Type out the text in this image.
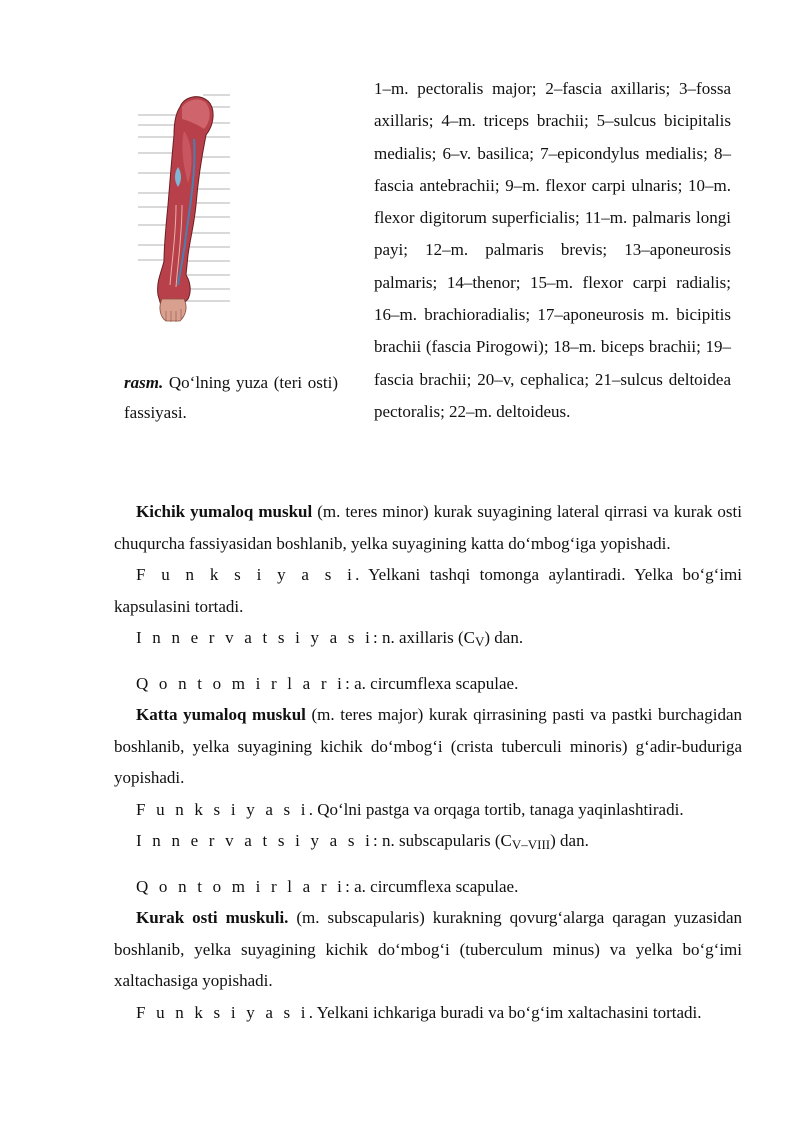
rasm. Qo‘lning yuza (teri osti) fassiyasi.
1–m. pectoralis major; 2–fascia axillaris; 3–fossa axillaris; 4–m. triceps brachii; 5–sulcus bicipitalis medialis; 6–v. basilica; 7–epicondylus medialis; 8– fascia antebrachii; 9–m. flexor carpi ulnaris; 10–m. flexor digitorum superficialis; 11–m. palmaris longi payi; 12–m. palmaris brevis; 13–aponeurosis palmaris; 14–thenor; 15–m. flexor carpi radialis; 16–m. brachioradialis; 17–aponeurosis m. bicipitis brachii (fascia Pirogowi); 18–m. biceps brachii; 19–fascia brachii; 20–v, cephalica; 21–sulcus deltoidea pectoralis; 22–m. deltoideus.

Kichik yumaloq muskul (m. teres minor) kurak suyagining lateral qirrasi va kurak osti chuqurcha fassiyasidan boshlanib, yelka suyagining katta do‘mbog‘iga yopishadi.

F u n k s i y a s i. Yelkani tashqi tomonga aylantiradi. Yelka bo‘g‘imi kapsulasini tortadi.

I n n e r v a t s i y a s i: n. axillaris $(C_V)$ dan.

Q o n t o m i r l a r i: a. circumflexa scapulae.

Katta yumaloq muskul (m. teres major) kurak qirrasining pasti va pastki burchagidan boshlanib, yelka suyagining kichik do‘mbog‘i (crista tuberculi minoris) g‘adir-buduriga yopishadi.

F u n k s i y a s i. Qo‘lni pastga va orqaga tortib, tanaga yaqinlashtiradi.

I n n e r v a t s i y a s i: n. subscapularis $(C_{V-VIII})$ dan.

Q o n t o m i r l a r i: a. circumflexa scapulae.

Kurak osti muskuli. (m. subscapularis) kurakning qovurg‘alarga qaragan yuzasidan boshlanib, yelka suyagining kichik do‘mbog‘i (tuberculum minus) va yelka bo‘g‘imi xaltachasiga yopishadi.

F u n k s i y a s i. Yelkani ichkariga buradi va bo‘g‘im xaltachasini tortadi.
